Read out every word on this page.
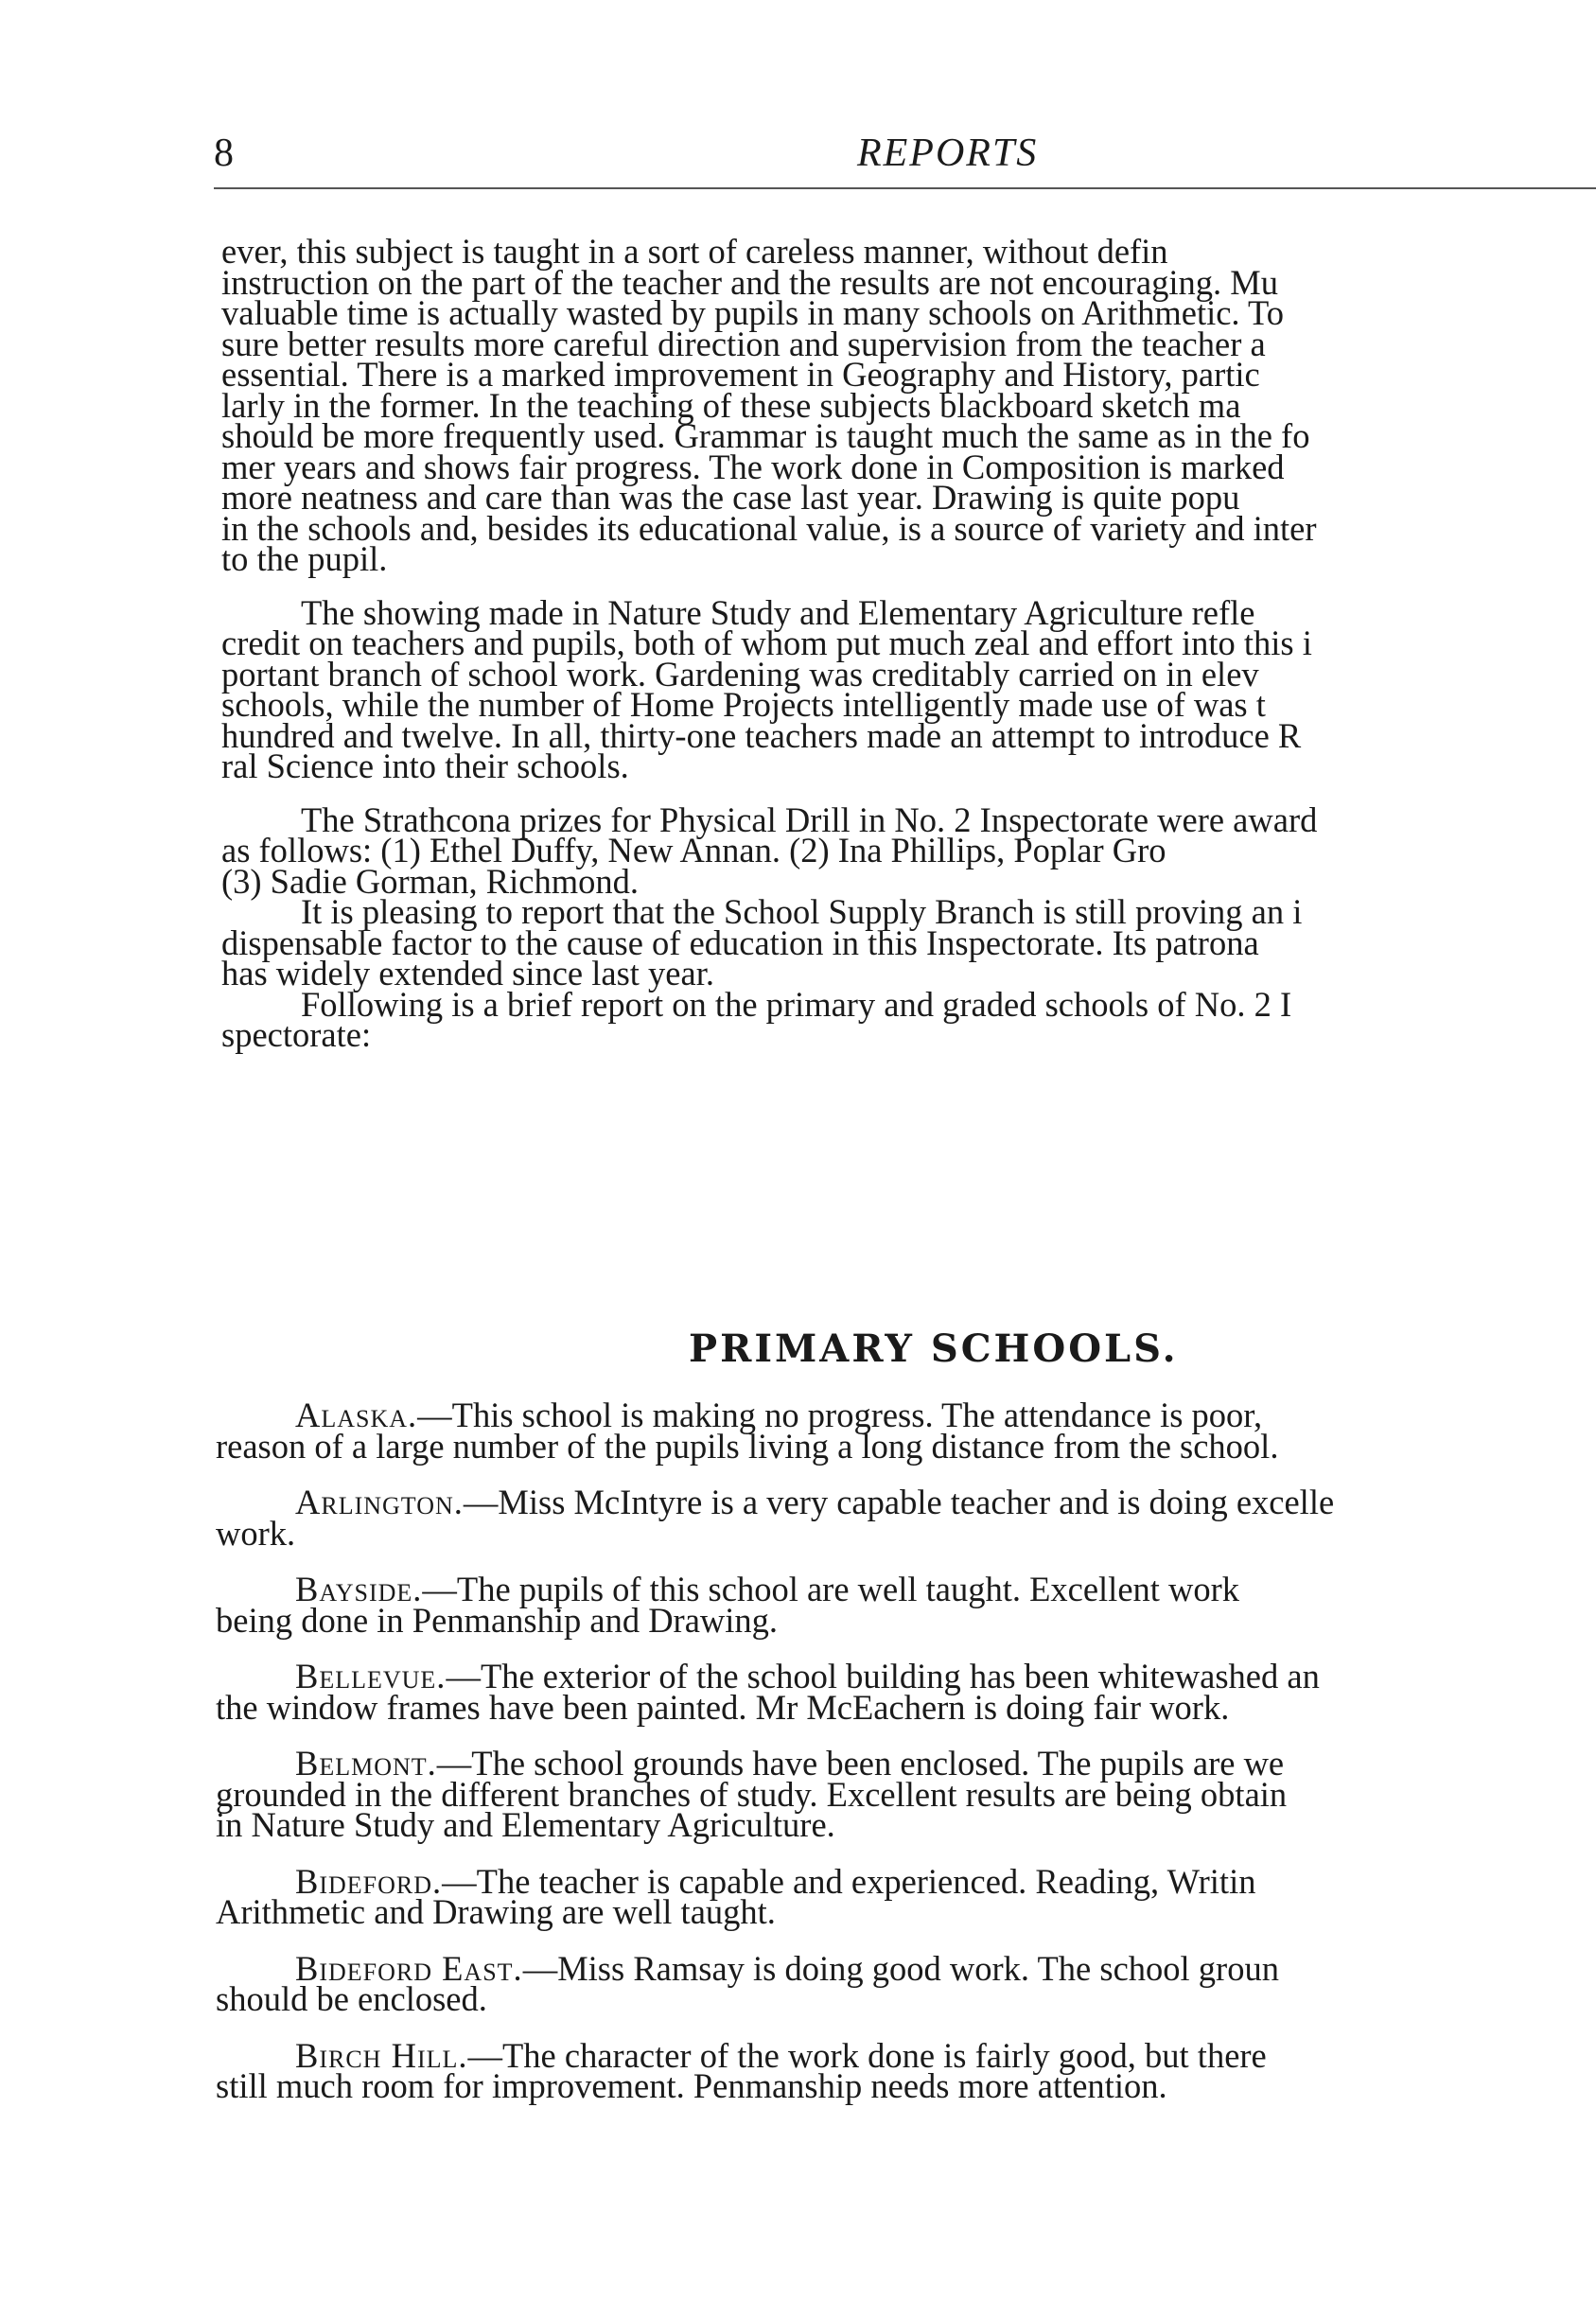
8	REPORTS

ever, this subject is taught in a sort of careless manner, without defin
instruction on the part of the teacher and the results are not encouraging. Mu
valuable time is actually wasted by pupils in many schools on Arithmetic. To
sure better results more careful direction and supervision from the teacher a
essential. There is a marked improvement in Geography and History, partic
larly in the former. In the teaching of these subjects blackboard sketch ma
should be more frequently used. Grammar is taught much the same as in the fo
mer years and shows fair progress. The work done in Composition is marked
more neatness and care than was the case last year. Drawing is quite popu
in the schools and, besides its educational value, is a source of variety and inter
to the pupil.

The showing made in Nature Study and Elementary Agriculture refle
credit on teachers and pupils, both of whom put much zeal and effort into this i
portant branch of school work. Gardening was creditably carried on in elev
schools, while the number of Home Projects intelligently made use of was t
hundred and twelve. In all, thirty-one teachers made an attempt to introduce R
ral Science into their schools.

The Strathcona prizes for Physical Drill in No. 2 Inspectorate were award
as follows: (1) Ethel Duffy, New Annan. (2) Ina Phillips, Poplar Gro
(3) Sadie Gorman, Richmond.

It is pleasing to report that the School Supply Branch is still proving an i
dispensable factor to the cause of education in this Inspectorate. Its patrona
has widely extended since last year.

Following is a brief report on the primary and graded schools of No. 2 I
spectorate:

PRIMARY SCHOOLS.

Alaska.—This school is making no progress. The attendance is poor,
reason of a large number of the pupils living a long distance from the school.

Arlington.—Miss McIntyre is a very capable teacher and is doing excelle
work.

Bayside.—The pupils of this school are well taught. Excellent work
being done in Penmanship and Drawing.

Bellevue.—The exterior of the school building has been whitewashed an
the window frames have been painted. Mr McEachern is doing fair work.

Belmont.—The school grounds have been enclosed. The pupils are we
grounded in the different branches of study. Excellent results are being obtain
in Nature Study and Elementary Agriculture.

Bideford.—The teacher is capable and experienced. Reading, Writin
Arithmetic and Drawing are well taught.

Bideford East.—Miss Ramsay is doing good work. The school groun
should be enclosed.

Birch Hill.—The character of the work done is fairly good, but there
still much room for improvement. Penmanship needs more attention.
